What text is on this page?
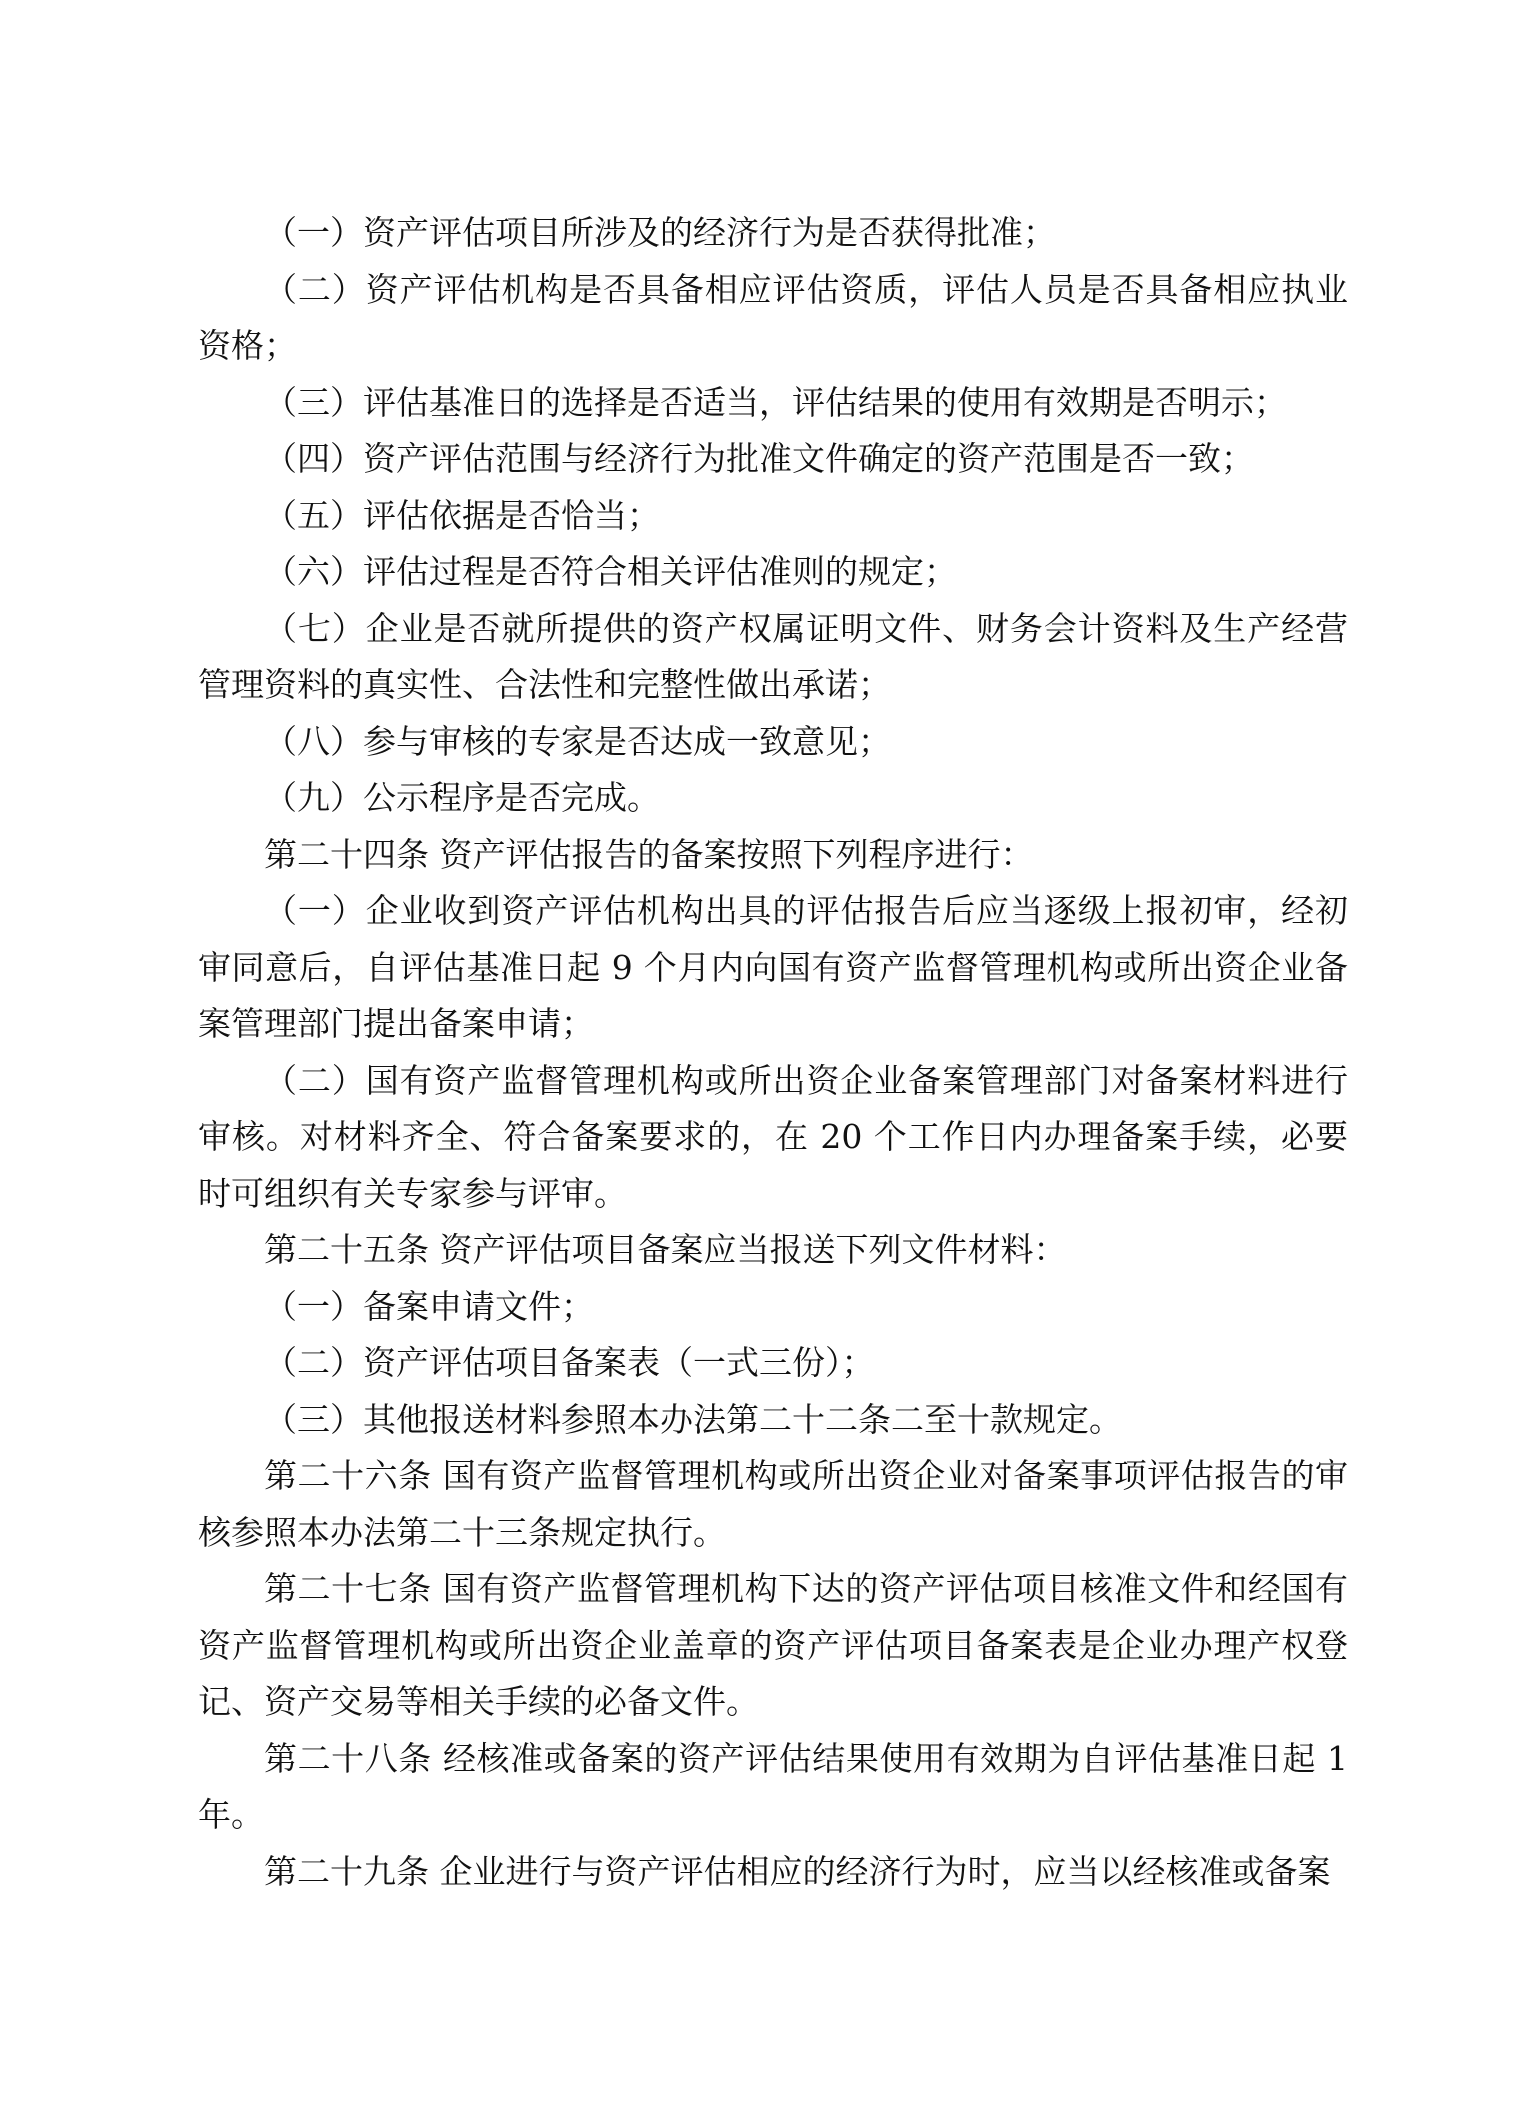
（一）资产评估项目所涉及的经济行为是否获得批准；

（二）资产评估机构是否具备相应评估资质，评估人员是否具备相应执业资格；

（三）评估基准日的选择是否适当，评估结果的使用有效期是否明示；

（四）资产评估范围与经济行为批准文件确定的资产范围是否一致；

（五）评估依据是否恰当；

（六）评估过程是否符合相关评估准则的规定；

（七）企业是否就所提供的资产权属证明文件、财务会计资料及生产经营管理资料的真实性、合法性和完整性做出承诺；

（八）参与审核的专家是否达成一致意见；

（九）公示程序是否完成。

第二十四条 资产评估报告的备案按照下列程序进行：

（一）企业收到资产评估机构出具的评估报告后应当逐级上报初审，经初审同意后，自评估基准日起 9 个月内向国有资产监督管理机构或所出资企业备案管理部门提出备案申请；

（二）国有资产监督管理机构或所出资企业备案管理部门对备案材料进行审核。对材料齐全、符合备案要求的，在 20 个工作日内办理备案手续，必要时可组织有关专家参与评审。

第二十五条 资产评估项目备案应当报送下列文件材料：

（一）备案申请文件；

（二）资产评估项目备案表（一式三份）；

（三）其他报送材料参照本办法第二十二条二至十款规定。

第二十六条 国有资产监督管理机构或所出资企业对备案事项评估报告的审核参照本办法第二十三条规定执行。

第二十七条 国有资产监督管理机构下达的资产评估项目核准文件和经国有资产监督管理机构或所出资企业盖章的资产评估项目备案表是企业办理产权登记、资产交易等相关手续的必备文件。

第二十八条 经核准或备案的资产评估结果使用有效期为自评估基准日起 1 年。

第二十九条 企业进行与资产评估相应的经济行为时，应当以经核准或备案
